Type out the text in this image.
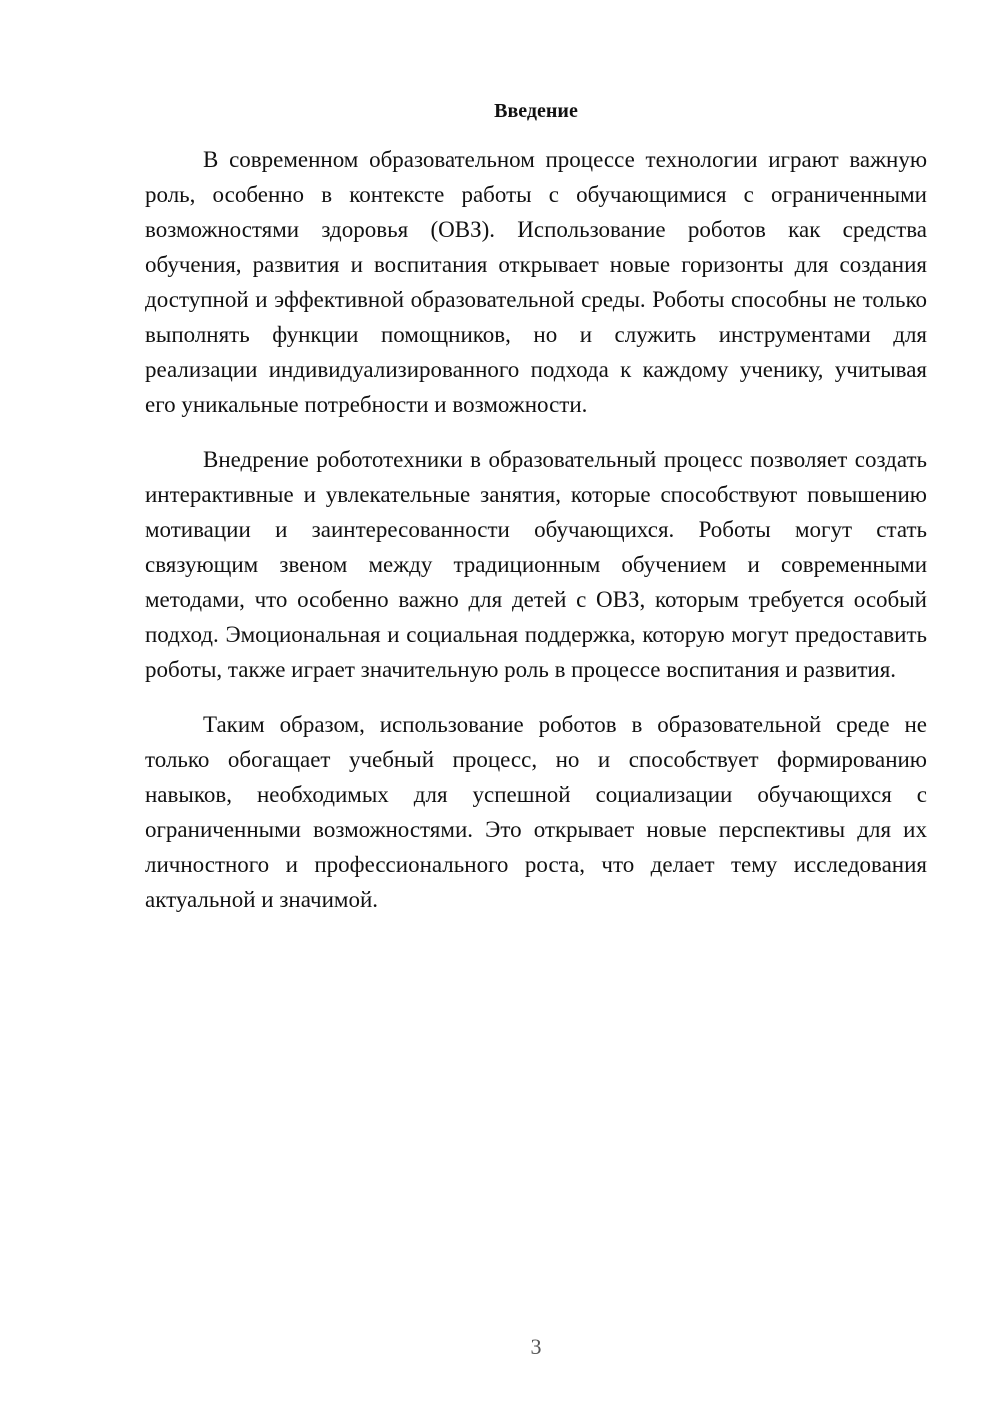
Введение

В современном образовательном процессе технологии играют важную роль, особенно в контексте работы с обучающимися с ограниченными возможностями здоровья (ОВЗ). Использование роботов как средства обучения, развития и воспитания открывает новые горизонты для создания доступной и эффективной образовательной среды. Роботы способны не только выполнять функции помощников, но и служить инструментами для реализации индивидуализированного подхода к каждому ученику, учитывая его уникальные потребности и возможности.

Внедрение робототехники в образовательный процесс позволяет создать интерактивные и увлекательные занятия, которые способствуют повышению мотивации и заинтересованности обучающихся. Роботы могут стать связующим звеном между традиционным обучением и современными методами, что особенно важно для детей с ОВЗ, которым требуется особый подход. Эмоциональная и социальная поддержка, которую могут предоставить роботы, также играет значительную роль в процессе воспитания и развития.

Таким образом, использование роботов в образовательной среде не только обогащает учебный процесс, но и способствует формированию навыков, необходимых для успешной социализации обучающихся с ограниченными возможностями. Это открывает новые перспективы для их личностного и профессионального роста, что делает тему исследования актуальной и значимой.

3
